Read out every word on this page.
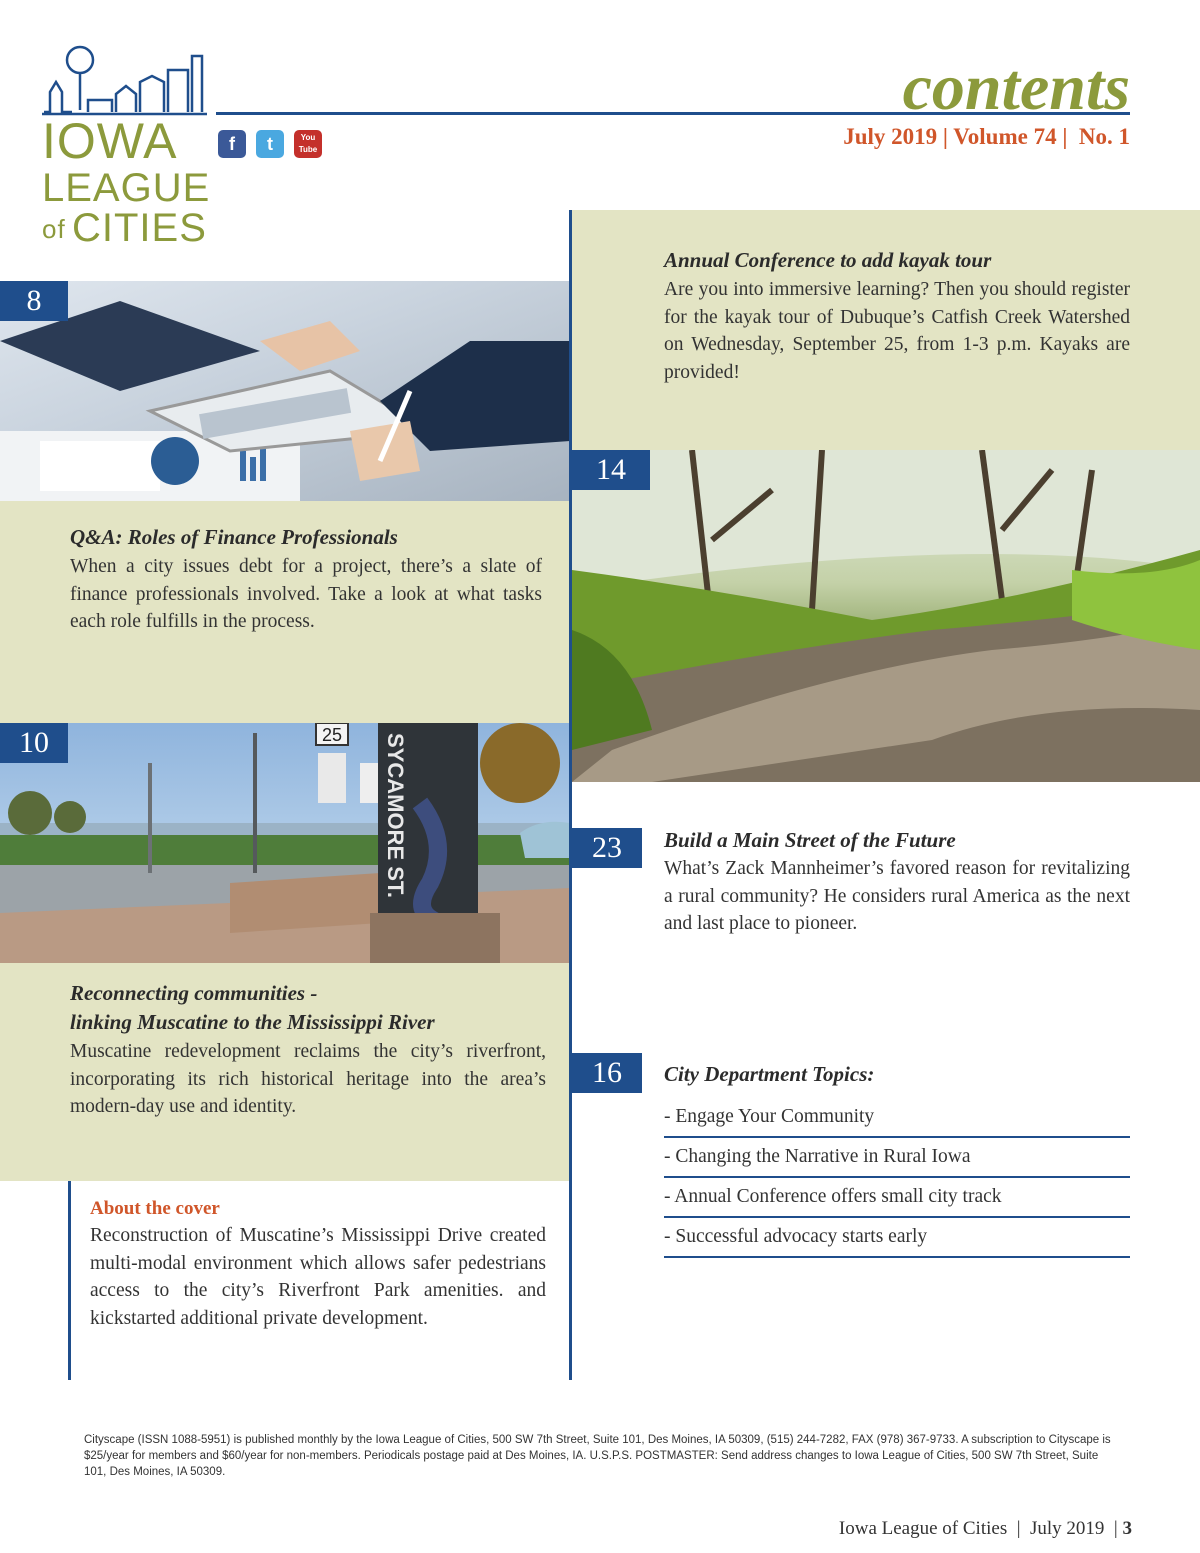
IOWA
LEAGUE
of CITIES
f	t	You Tube
contents
July 2019 | Volume 74 |  No. 1
8
Q&A: Roles of Finance Professionals
When a city issues debt for a project, there’s a slate of finance professionals involved. Take a look at what tasks each role fulfills in the process.
25 SYCAMORE ST.
10
Reconnecting communities -
linking Muscatine to the Mississippi River
Muscatine redevelopment reclaims the city’s riverfront, incorporating its rich historical heritage into the area’s modern-day use and identity.
About the cover
Reconstruction of Muscatine’s Mississippi Drive created multi-modal environment which allows safer pedestrians access to the city’s Riverfront Park amenities. and kickstarted additional private development.
Annual Conference to add kayak tour
Are you into immersive learning? Then you should register for the kayak tour of Dubuque’s Catfish Creek Watershed on Wednesday, September 25, from 1-3 p.m. Kayaks are provided!
14
23	Build a Main Street of the Future
What’s Zack Mannheimer’s favored reason for revitalizing a rural community? He considers rural America as the next and last place to pioneer.
16	City Department Topics:
- Engage Your Community
- Changing the Narrative in Rural Iowa
- Annual Conference offers small city track
- Successful advocacy starts early
Cityscape (ISSN 1088-5951) is published monthly by the Iowa League of Cities, 500 SW 7th Street, Suite 101, Des Moines, IA 50309, (515) 244-7282, FAX (978) 367-9733. A subscription to Cityscape is $25/year for members and $60/year for non-members. Periodicals postage paid at Des Moines, IA. U.S.P.S. POSTMASTER: Send address changes to Iowa League of Cities, 500 SW 7th Street, Suite 101, Des Moines, IA 50309.

Iowa League of Cities  |  July 2019  | 3
